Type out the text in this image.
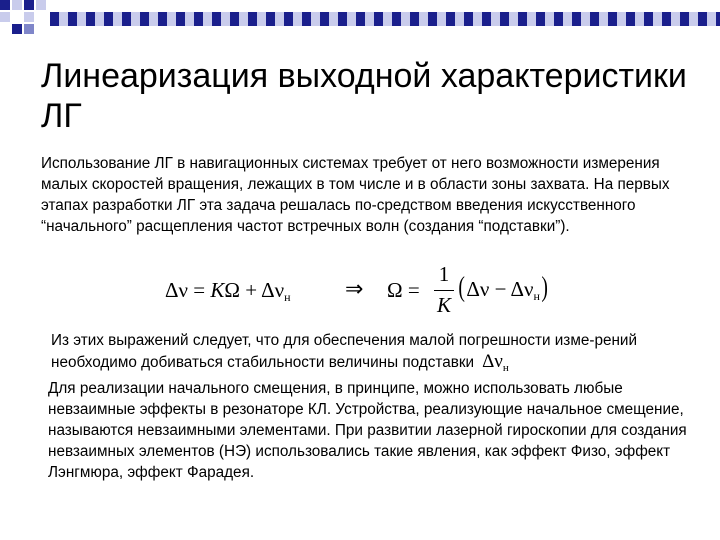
Линеаризация выходной характеристики ЛГ

Использование ЛГ в навигационных системах требует от него возможности измерения малых скоростей вращения, лежащих в том числе и в области зоны захвата. На первых этапах разработки ЛГ эта задача решалась по-средством введения искусственного “начального” расщепления частот встречных волн (создания “подставки”).

$\Delta\nu = K\Omega + \Delta\nu_н$ ⇒ Ω =
1
K
$(\Delta\nu - \Delta\nu_н)$

Из этих выражений следует, что для обеспечения малой погрешности изме-рений необходимо добиваться стабильности величины подставки $\Delta\nu_н$

Для реализации начального смещения, в принципе, можно использовать любые невзаимные эффекты в резонаторе КЛ. Устройства, реализующие начальное смещение, называются невзаимными элементами. При развитии лазерной гироскопии для создания невзаимных элементов (НЭ) использовались такие явления, как эффект Физо, эффект Лэнгмюра, эффект Фарадея.
